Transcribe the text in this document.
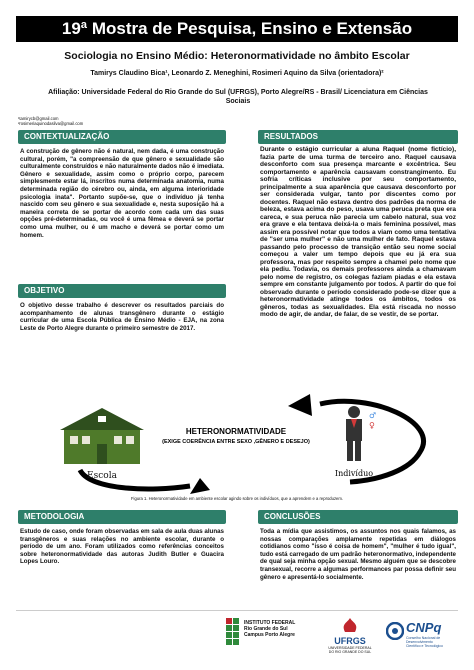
19ª Mostra de Pesquisa, Ensino e Extensão
Sociologia no Ensino Médio: Heteronormatividade no âmbito Escolar
Tamirys Claudino Bica¹, Leonardo Z. Meneghini, Rosimeri Aquino da Silva (orientadora)²
Afiliação: Universidade Federal do Rio Grande do Sul (UFRGS), Porto Alegre/RS - Brasil/ Licenciatura em Ciências Sociais
¹tamirycb@gmail.com
²rosimeriaquinodasilva@gmail.com
CONTEXTUALIZAÇÃO

A construção de gênero não é natural, nem dada, é uma construção cultural, porém, "a compreensão de que gênero e sexualidade são culturalmente construídos e não naturalmente dados não é imediata. Gênero e sexualidade, assim como o próprio corpo, parecem simplesmente estar lá, inscritos numa determinada anatomia, numa determinada região do cérebro ou, ainda, em alguma interioridade psicologia inata". Portanto supõe-se, que o indivíduo já tenha nascido com seu gênero e sua sexualidade e, nesta suposição há a maneira correta de se portar de acordo com cada um das suas opções pré-determinadas, ou você é uma fêmea e deverá se portar como uma mulher, ou é um macho e deverá se portar como um homem.

OBJETIVO

O objetivo desse trabalho é descrever os resultados parciais do acompanhamento de alunas transgênero durante o estágio curricular de uma Escola Pública de Ensino Médio - EJA, na zona Leste de Porto Alegre durante o primeiro semestre de 2017.

RESULTADOS

Durante o estágio curricular a aluna Raquel (nome fictício), fazia parte de uma turma de terceiro ano. Raquel causava desconforto com sua presença marcante e excêntrica. Seu comportamento e aparência causavam constrangimento. Eu sofria críticas inclusive por seu comportamento, principalmente a sua aparência que causava desconforto por ser considerada vulgar, tanto por discentes como por docentes. Raquel não estava dentro dos padrões da norma de beleza, estava acima do peso, usava uma peruca preta que era careca, e sua peruca não parecia um cabelo natural, sua voz era grave e ela tentava deixá-la o mais feminina possível, mas assim era possível notar que todos a viam como uma tentativa de "ser uma mulher" e não uma mulher de fato. Raquel estava passando pelo processo de transição então seu nome social começou a valer um tempo depois que eu já era sua professora, mas por respeito sempre a chamei pelo nome que ela pediu. Todavia, os demais professores ainda a chamavam pelo nome de registro, os colegas faziam piadas e ela estava sempre em constante julgamento por todos. A partir do que foi observado durante o período considerado pode-se dizer que a heteronormatividade atinge todos os âmbitos, todos os gêneros, todas as sexualidades. Ela está riscada no nosso modo de agir, de andar, de falar, de se vestir, de se portar.

Escola
HETERONORMATIVIDADE
(EXIGE COERÊNCIA ENTRE SEXO ,GÊNERO E DESEJO)
♂
♀
Indivíduo
Figura 1. Heteronormatividade em ambiente escolar agindo sobre os indivíduos, que a aprendem e a reproduzem.
METODOLOGIA

Estudo de caso, onde foram observadas em sala de aula duas alunas transgêneros e suas relações no ambiente escolar, durante o período de um ano. Foram utilizados como referências conceitos sobre heteronormatividade das autoras Judith Butler e Guacira Lopes Louro.

CONCLUSÕES

Toda a mídia que assistimos, os assuntos nos quais falamos, as nossas comparações amplamente repetidas em diálogos cotidianos como "isso é coisa de homem", "mulher é tudo igual", tudo está carregado de um padrão heteronormativo, independente de qual seja minha opção sexual. Mesmo alguém que se descobre transexual, recorre a algumas performances par possa definir seu gênero e apresentá-lo socialmente.

INSTITUTO FEDERAL
Rio Grande do Sul
Campus Porto Alegre
UFRGS
UNIVERSIDADE FEDERAL
DO RIO GRANDE DO SUL
CNPq
Conselho Nacional de Desenvolvimento
Científico e Tecnológico
